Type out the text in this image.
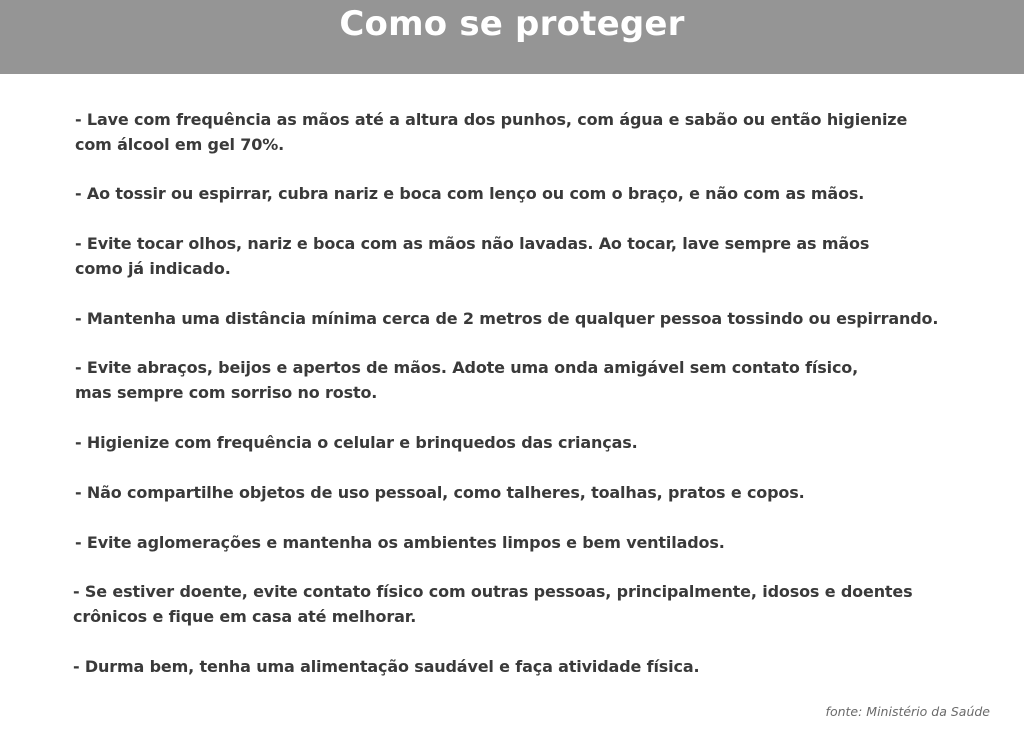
Como se proteger

- Lave com frequência as mãos até a altura dos punhos, com água e sabão ou então higienize
com álcool em gel 70%.

- Ao tossir ou espirrar, cubra nariz e boca com lenço ou com o braço, e não com as mãos.

- Evite tocar olhos, nariz e boca com as mãos não lavadas. Ao tocar, lave sempre as mãos
como já indicado.

- Mantenha uma distância mínima cerca de 2 metros de qualquer pessoa tossindo ou espirrando.

- Evite abraços, beijos e apertos de mãos. Adote uma onda amigável sem contato físico,
mas sempre com sorriso no rosto.

- Higienize com frequência o celular e brinquedos das crianças.

- Não compartilhe objetos de uso pessoal, como talheres, toalhas, pratos e copos.

- Evite aglomerações e mantenha os ambientes limpos e bem ventilados.

- Se estiver doente, evite contato físico com outras pessoas, principalmente, idosos e doentes
crônicos e fique em casa até melhorar.

- Durma bem, tenha uma alimentação saudável e faça atividade física.

fonte: Ministério da Saúde
